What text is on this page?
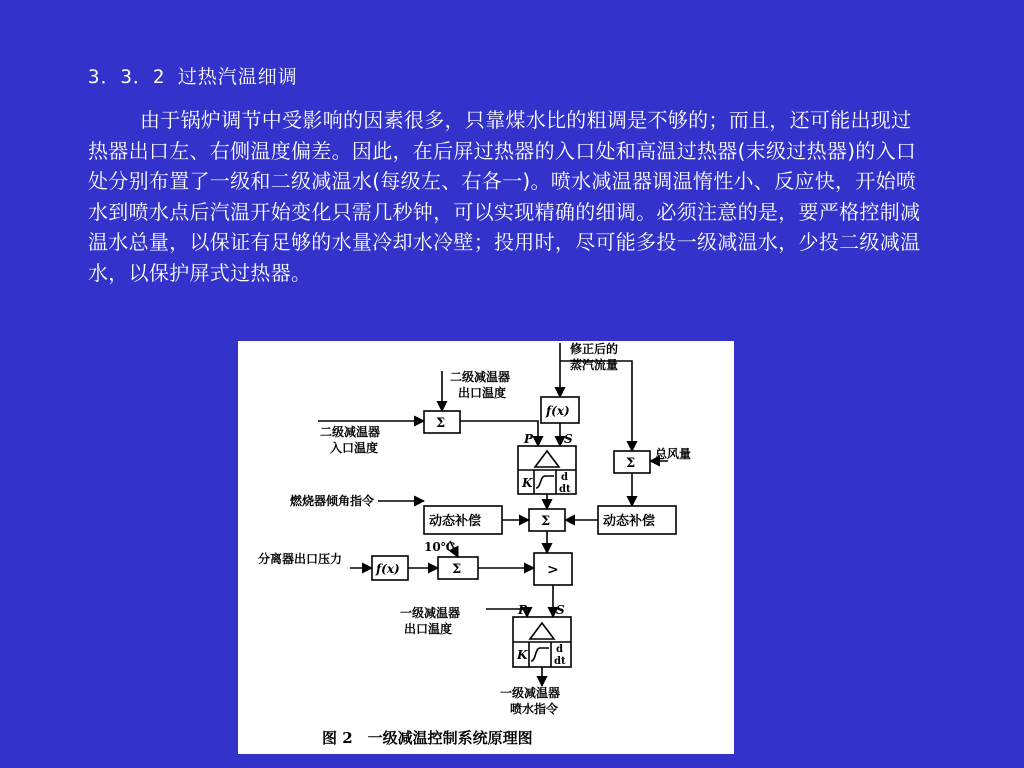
3．3．2 过热汽温细调
由于锅炉调节中受影响的因素很多，只靠煤水比的粗调是不够的；而且，还可能出现过热器出口左、右侧温度偏差。因此，在后屏过热器的入口处和高温过热器(末级过热器)的入口处分别布置了一级和二级减温水(每级左、右各一)。喷水减温器调温惰性小、反应快，开始喷水到喷水点后汽温开始变化只需几秒钟，可以实现精确的细调。必须注意的是，要严格控制减温水总量，以保证有足够的水量冷却水冷壁；投用时，尽可能多投一级减温水，少投二级减温水，以保护屏式过热器。
修正后的
蒸汽流量
二级减温器
出口温度
二级减温器
入口温度	总风量
燃烧器倾角指令
分离器出口压力
10℃
一级减温器
出口温度
一级减温器
喷水指令
P	S
P S
Σ
Σ
Σ
Σ
f(x)
f(x)
动态补偿	动态补偿
>
K	d
dt
K	d
dt
图 2　一级减温控制系统原理图
